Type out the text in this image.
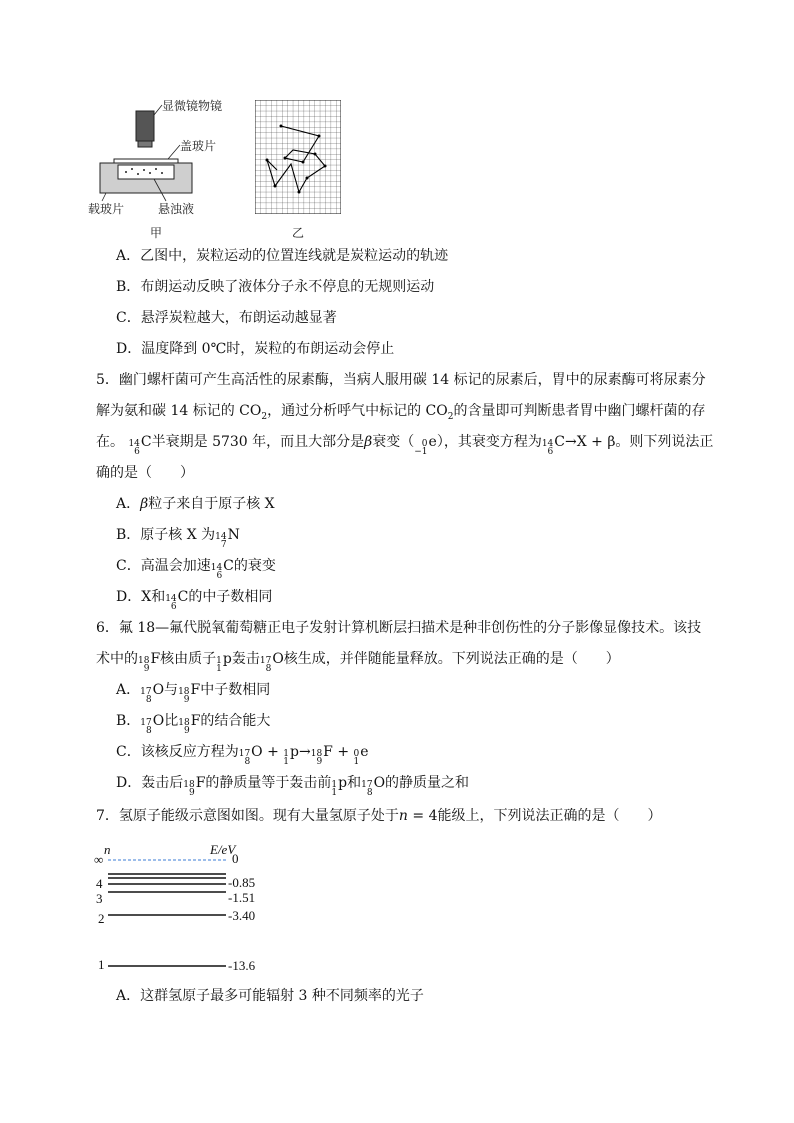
显微镜物镜
盖玻片
载玻片	悬浊液
甲	乙
A．乙图中，炭粒运动的位置连线就是炭粒运动的轨迹
B．布朗运动反映了液体分子永不停息的无规则运动
C．悬浮炭粒越大，布朗运动越显著
D．温度降到 0℃时，炭粒的布朗运动会停止
5．幽门螺杆菌可产生高活性的尿素酶，当病人服用碳 14 标记的尿素后，胃中的尿素酶可将尿素分
解为氨和碳 14 标记的 $CO_2$，通过分析呼气中标记的 $CO_2$的含量即可判断患者胃中幽门螺杆菌的存
在。 14
6
C半衰期是 5730 年，而且大部分是β衰变（ 0
−1
e），其衰变方程为 14
6
C→X + β。则下列说法正
确的是（　　）
A．β粒子来自于原子核 X
B．原子核 X 为 14
7
N
C．高温会加速 14
6
C的衰变
D．X和 14
6
C的中子数相同
6．氟 18—氟代脱氧葡萄糖正电子发射计算机断层扫描术是种非创伤性的分子影像显像技术。该技
术中的 18
9
F核由质子 1
1
p轰击 17
8
O核生成，并伴随能量释放。下列说法正确的是（　　）
A． 17
8
O与 18
9
F中子数相同
B． 17
8
O比 18
9
F的结合能大
C．该核反应方程为 17
8
O + 1
1
p→ 18
9
F + 0
1
e
D．轰击后 18
9
F的静质量等于轰击前 1
1
p和 17
8
O的静质量之和
7．氢原子能级示意图如图。现有大量氢原子处于n = 4能级上，下列说法正确的是（　　）
n	E/eV
∞	0
4	-0.85
3	-1.51
2	-3.40
1	-13.6
A．这群氢原子最多可能辐射 3 种不同频率的光子
